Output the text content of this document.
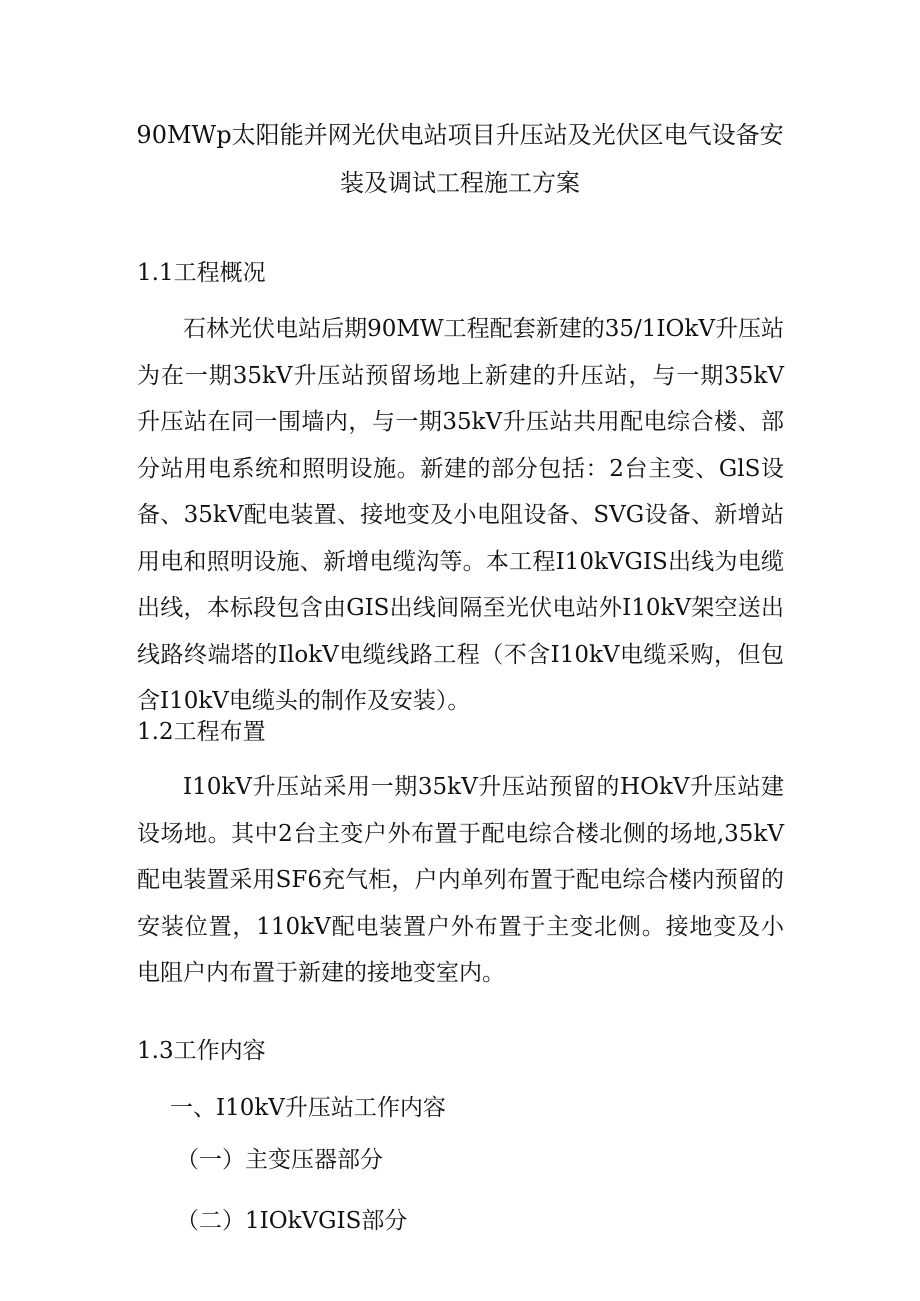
90MWp太阳能并网光伏电站项目升压站及光伏区电气设备安
装及调试工程施工方案
1.1工程概况

石林光伏电站后期90MW工程配套新建的35/1IOkV升压站为在一期35kV升压站预留场地上新建的升压站，与一期35kV升压站在同一围墙内，与一期35kV升压站共用配电综合楼、部分站用电系统和照明设施。新建的部分包括：2台主变、GlS设备、35kV配电装置、接地变及小电阻设备、SVG设备、新增站用电和照明设施、新增电缆沟等。本工程I10kVGIS出线为电缆出线，本标段包含由GIS出线间隔至光伏电站外I10kV架空送出线路终端塔的IlokV电缆线路工程（不含I10kV电缆采购，但包含I10kV电缆头的制作及安装）。

1.2工程布置

I10kV升压站采用一期35kV升压站预留的HOkV升压站建设场地。其中2台主变户外布置于配电综合楼北侧的场地,35kV配电装置采用SF6充气柜，户内单列布置于配电综合楼内预留的安装位置，110kV配电装置户外布置于主变北侧。接地变及小电阻户内布置于新建的接地变室内。

1.3工作内容
一、I10kV升压站工作内容
（一）主变压器部分
（二）1IOkVGIS部分
